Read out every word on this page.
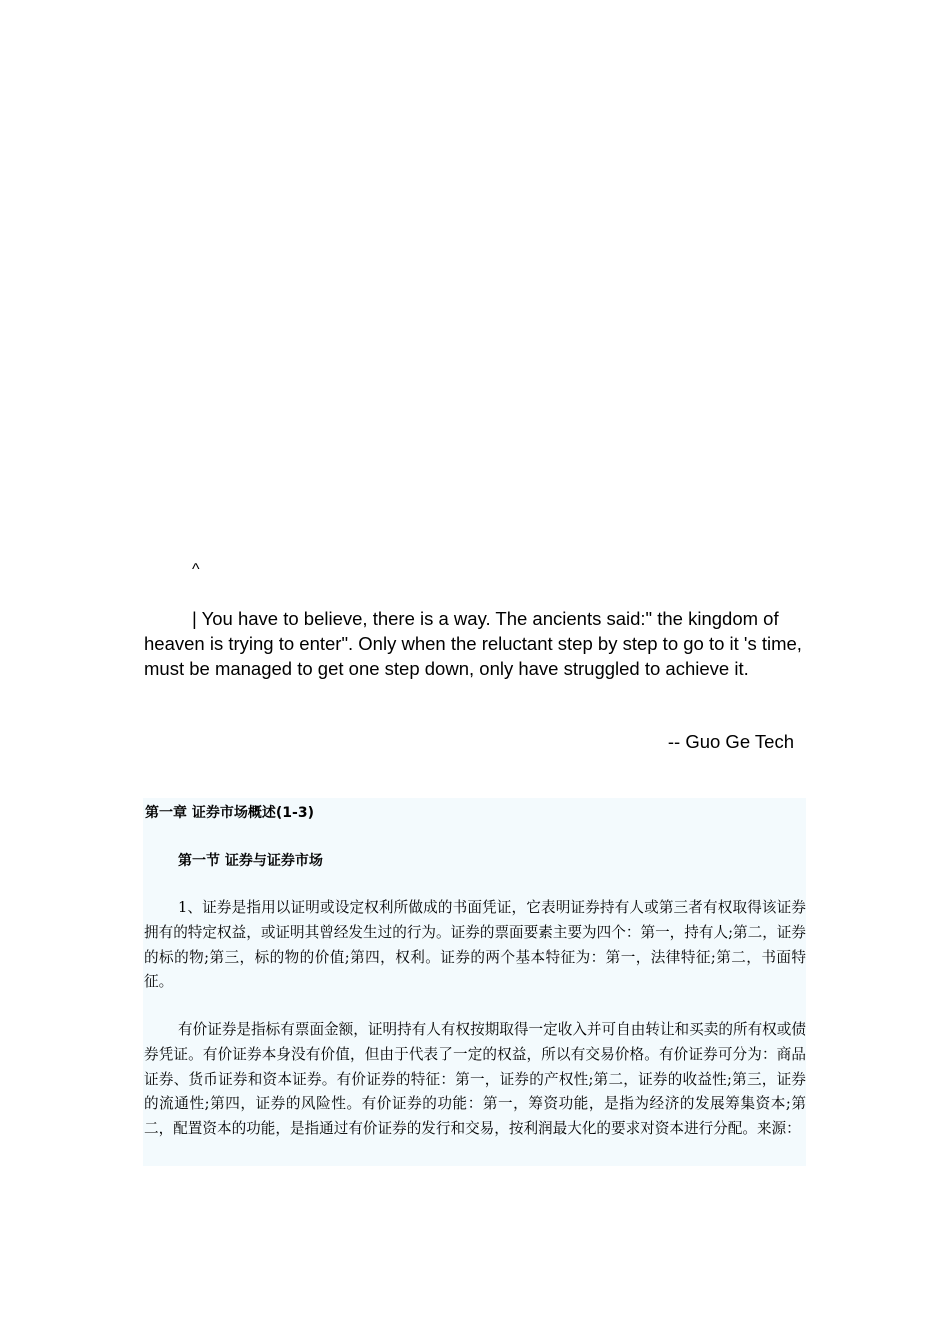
^

| You have to believe, there is a way. The ancients said:" the kingdom of heaven is trying to enter". Only when the reluctant step by step to go to it 's time, must be managed to get one step down, only have struggled to achieve it.

-- Guo Ge Tech
第一章 证券市场概述(1-3)
第一节 证券与证券市场

1、证券是指用以证明或设定权利所做成的书面凭证，它表明证券持有人或第三者有权取得该证券拥有的特定权益，或证明其曾经发生过的行为。证券的票面要素主要为四个：第一，持有人;第二，证券的标的物;第三，标的物的价值;第四，权利。证券的两个基本特征为：第一，法律特征;第二，书面特征。

有价证券是指标有票面金额，证明持有人有权按期取得一定收入并可自由转让和买卖的所有权或债券凭证。有价证券本身没有价值，但由于代表了一定的权益，所以有交易价格。有价证券可分为：商品证券、货币证券和资本证券。有价证券的特征：第一，证券的产权性;第二，证券的收益性;第三，证券的流通性;第四，证券的风险性。有价证券的功能：第一，筹资功能，是指为经济的发展筹集资本;第二，配置资本的功能，是指通过有价证券的发行和交易，按利润最大化的要求对资本进行分配。来源：
